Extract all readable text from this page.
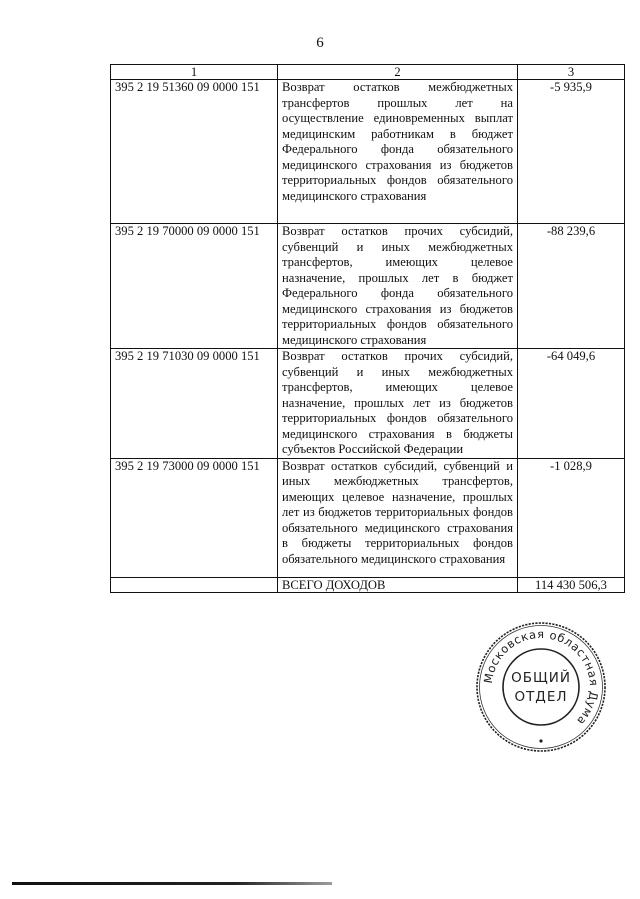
6
1	2	3
395 2 19 51360 09 0000 151	Возврат остатков межбюджетных трансфертов прошлых лет на осуществление единовременных выплат медицинским работникам в бюджет Федерального фонда обязательного медицинского страхования из бюджетов территориальных фондов обязательного медицинского страхования	-5 935,9
395 2 19 70000 09 0000 151	Возврат остатков прочих субсидий, субвенций и иных межбюджетных трансфертов, имеющих целевое назначение, прошлых лет в бюджет Федерального фонда обязательного медицинского страхования из бюджетов территориальных фондов обязательного медицинского страхования	-88 239,6
395 2 19 71030 09 0000 151	Возврат остатков прочих субсидий, субвенций и иных межбюджетных трансфертов, имеющих целевое назначение, прошлых лет из бюджетов территориальных фондов обязательного медицинского страхования в бюджеты субъектов Российской Федерации	-64 049,6
395 2 19 73000 09 0000 151	Возврат остатков субсидий, субвенций и иных межбюджетных трансфертов, имеющих целевое назначение, прошлых лет из бюджетов территориальных фондов обязательного медицинского страхования в бюджеты территориальных фондов обязательного медицинского страхования	-1 028,9
	ВСЕГО ДОХОДОВ	114 430 506,3
Московская областная Дума
ОБЩИЙ
ОТДЕЛ
